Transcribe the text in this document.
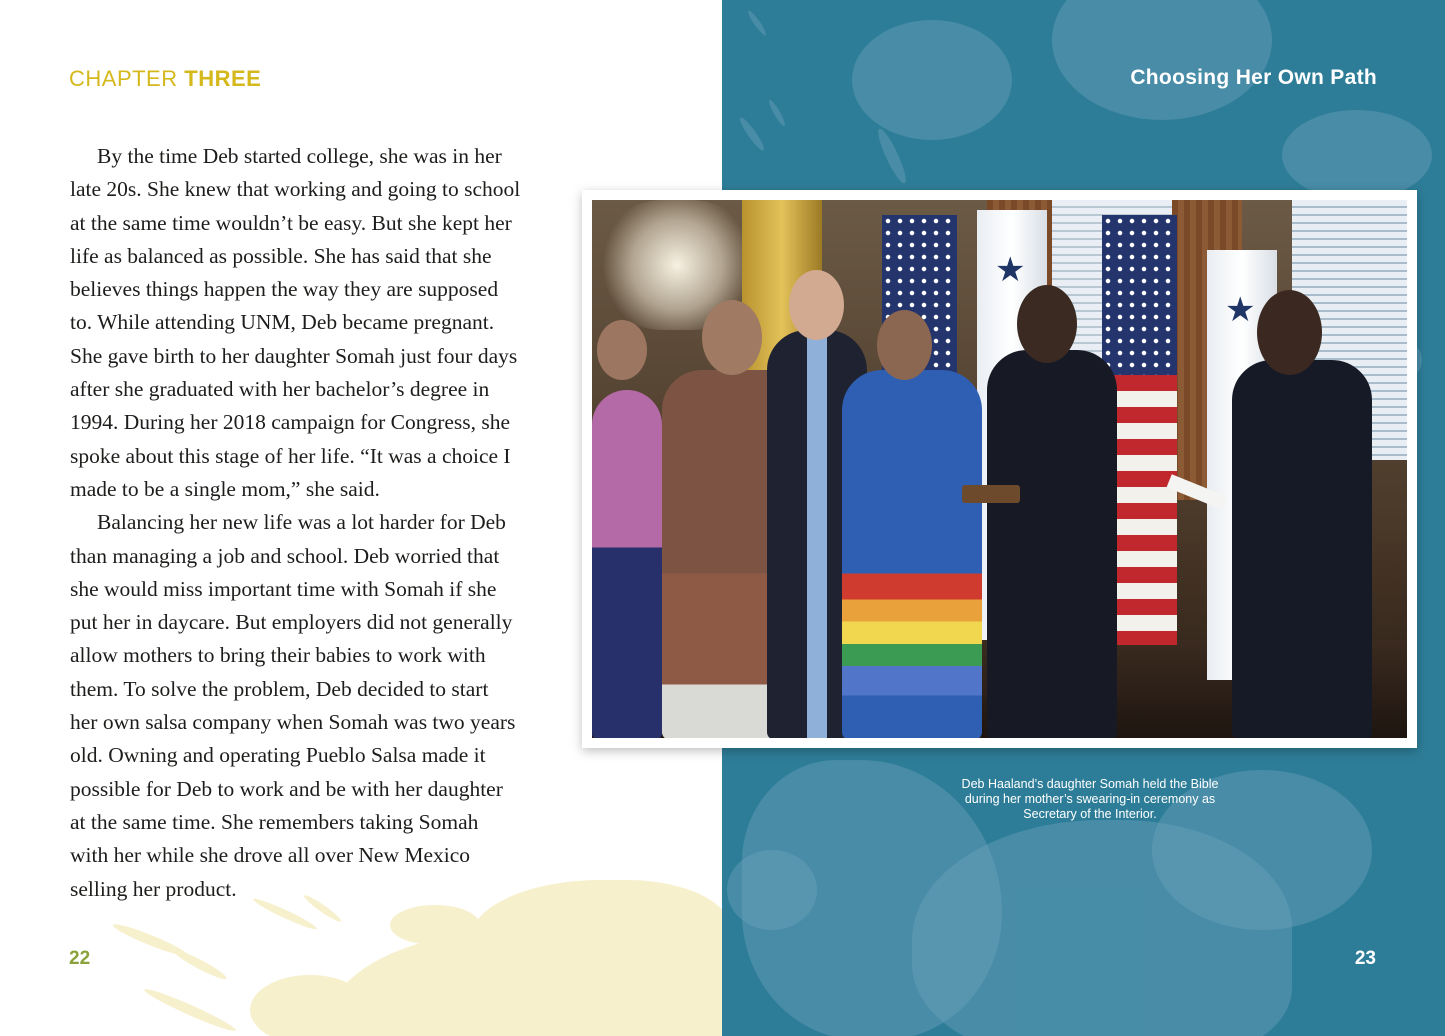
CHAPTER THREE

By the time Deb started college, she was in her
late 20s. She knew that working and going to school
at the same time wouldn’t be easy. But she kept her
life as balanced as possible. She has said that she
believes things happen the way they are supposed
to. While attending UNM, Deb became pregnant.
She gave birth to her daughter Somah just four days
after she graduated with her bachelor’s degree in
1994. During her 2018 campaign for Congress, she
spoke about this stage of her life. “It was a choice I
made to be a single mom,” she said.

Balancing her new life was a lot harder for Deb
than managing a job and school. Deb worried that
she would miss important time with Somah if she
put her in daycare. But employers did not generally
allow mothers to bring their babies to work with
them. To solve the problem, Deb decided to start
her own salsa company when Somah was two years
old. Owning and operating Pueblo Salsa made it
possible for Deb to work and be with her daughter
at the same time. She remembers taking Somah
with her while she drove all over New Mexico
selling her product.

22
Choosing Her Own Path
23
★
★
Deb Haaland’s daughter Somah held the Bible
during her mother’s swearing-in ceremony as
Secretary of the Interior.
